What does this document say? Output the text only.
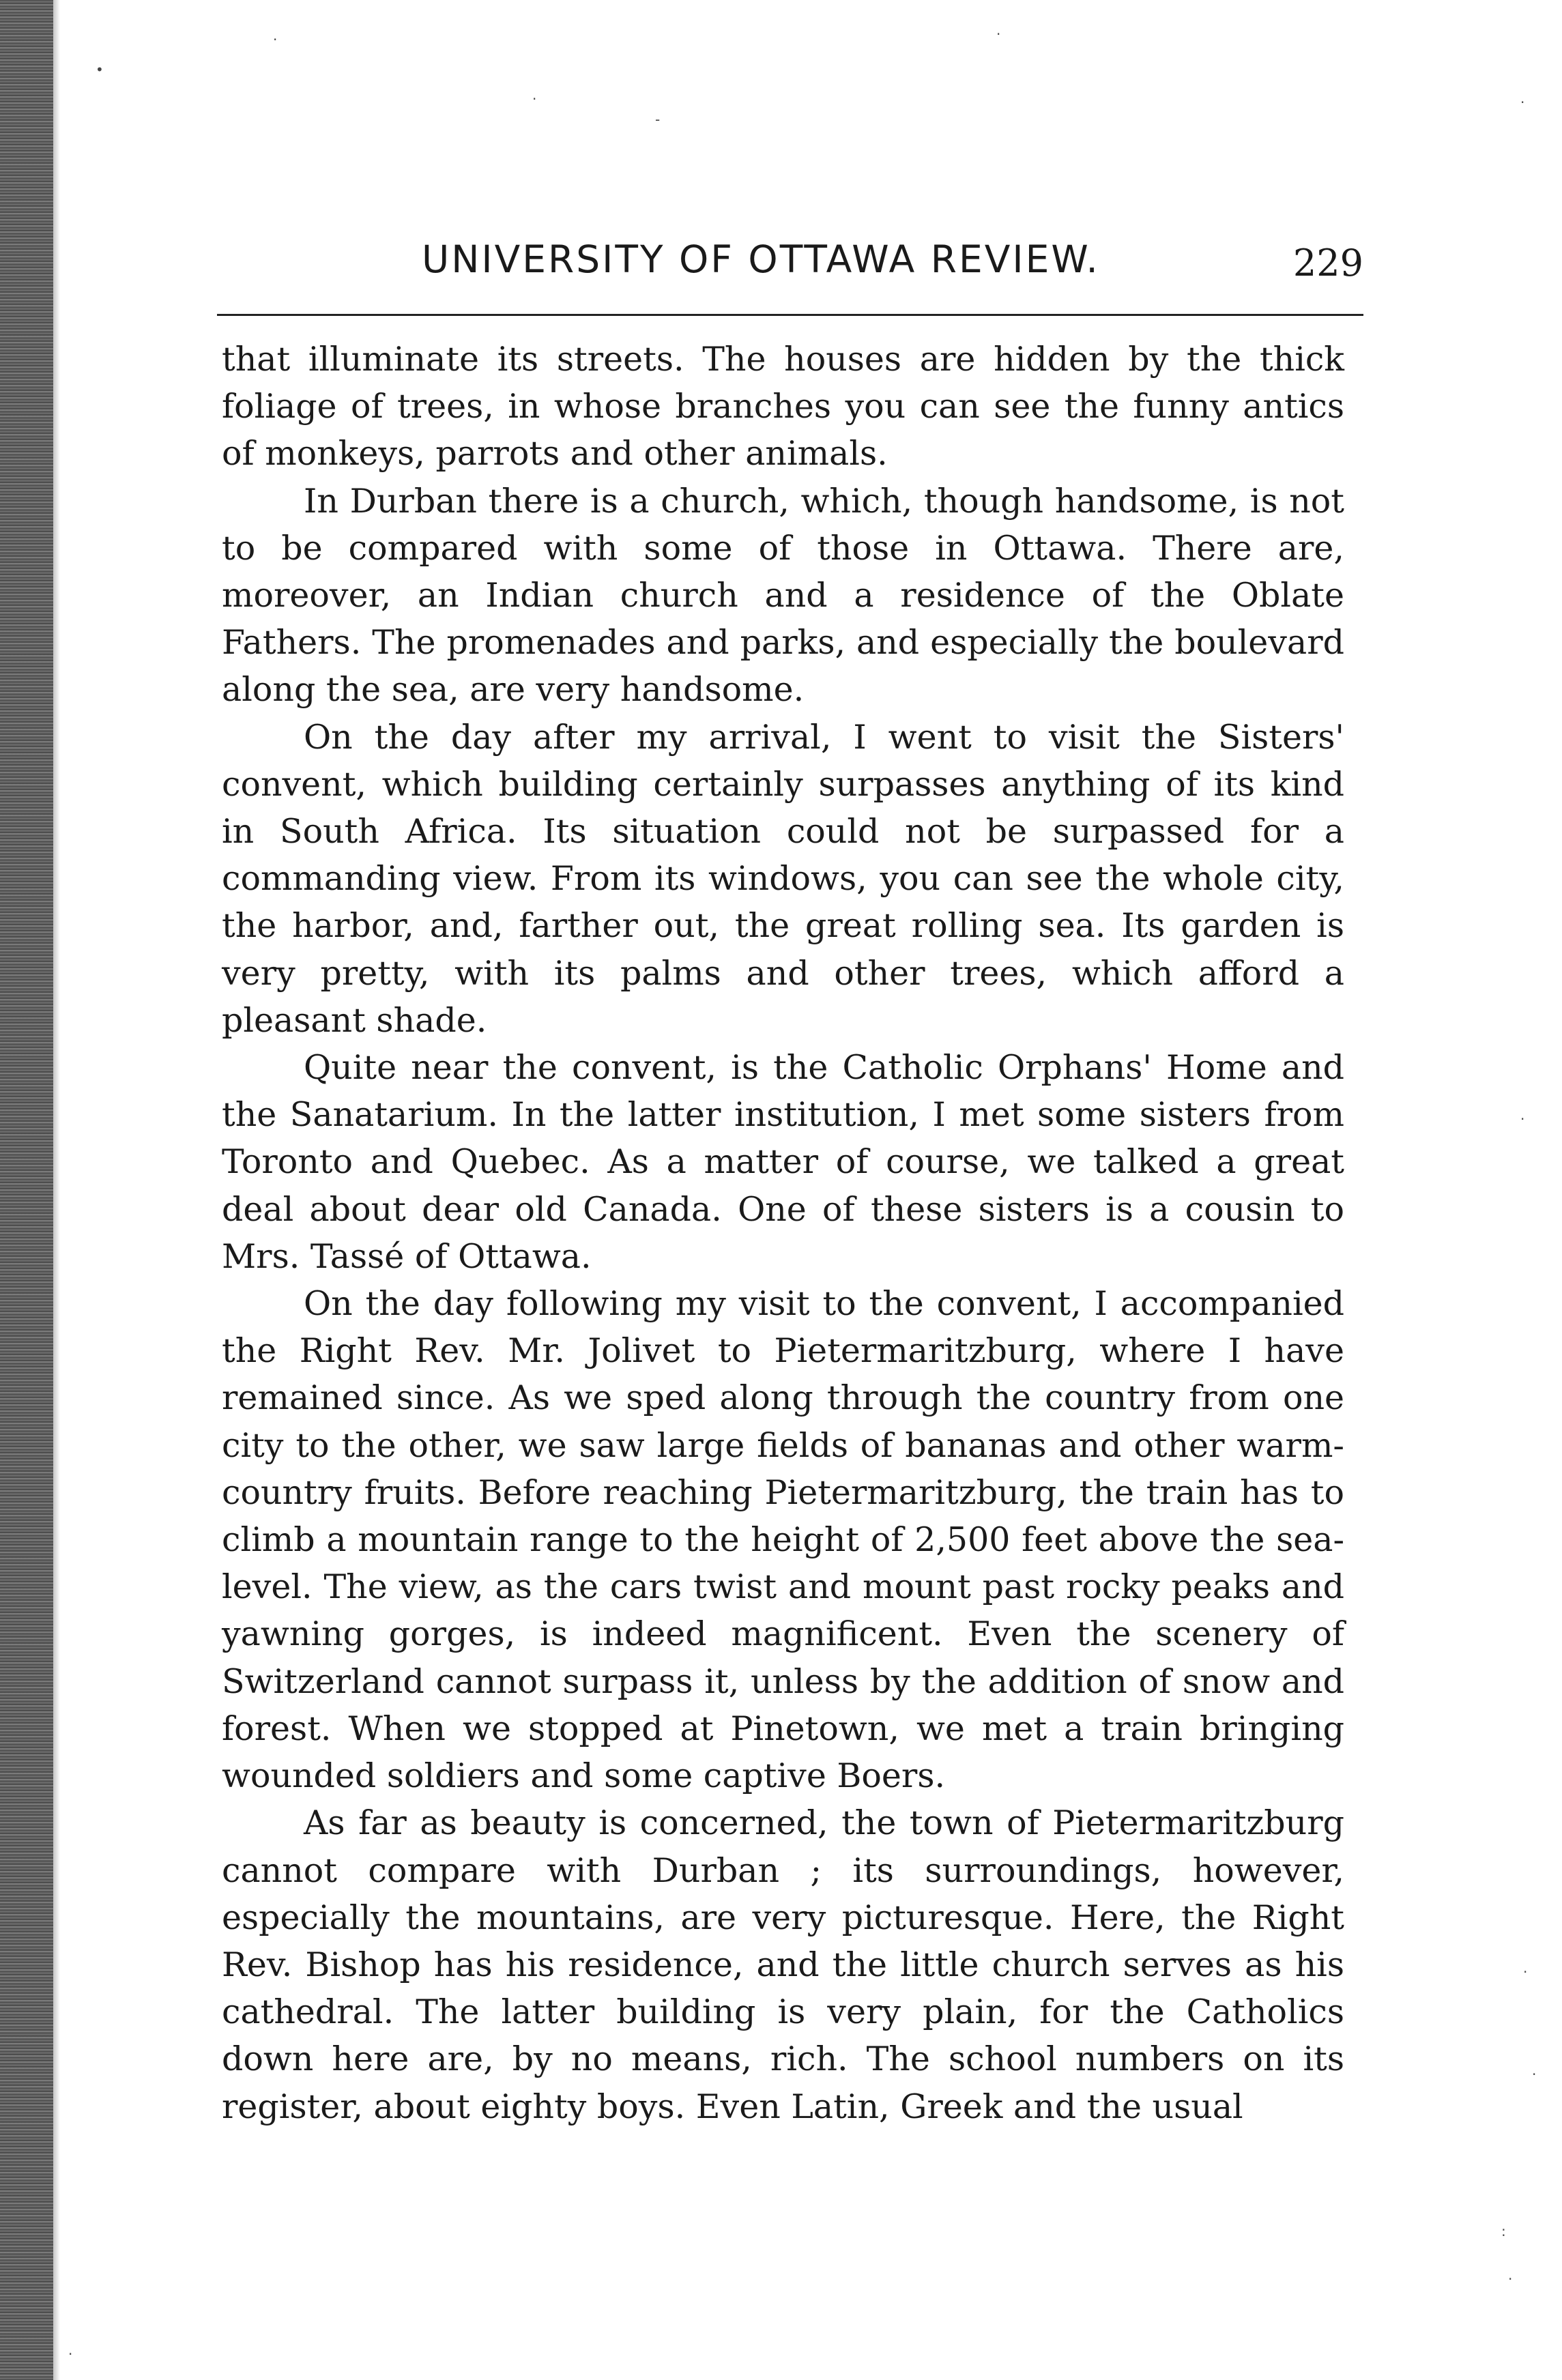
•
·
·
-
·
·
·
·
·
:
·
·
UNIVERSITY OF OTTAWA REVIEW.	229

that illuminate its streets. The houses are hidden by the thick foliage of trees, in whose branches you can see the funny antics of monkeys, parrots and other animals.

In Durban there is a church, which, though handsome, is not to be compared with some of those in Ottawa. There are, moreover, an Indian church and a residence of the Oblate Fathers. The promenades and parks, and especially the boulevard along the sea, are very handsome.

On the day after my arrival, I went to visit the Sisters' convent, which building certainly surpasses anything of its kind in South Africa. Its situation could not be surpassed for a commanding view. From its windows, you can see the whole city, the harbor, and, farther out, the great rolling sea. Its garden is very pretty, with its palms and other trees, which afford a pleasant shade.

Quite near the convent, is the Catholic Orphans' Home and the Sanatarium. In the latter institution, I met some sisters from Toronto and Quebec. As a matter of course, we talked a great deal about dear old Canada. One of these sisters is a cousin to Mrs. Tassé of Ottawa.

On the day following my visit to the convent, I accompanied the Right Rev. Mr. Jolivet to Pietermaritzburg, where I have remained since. As we sped along through the country from one city to the other, we saw large fields of bananas and other warm-country fruits. Before reaching Pietermaritzburg, the train has to climb a mountain range to the height of 2,500 feet above the sea-level. The view, as the cars twist and mount past rocky peaks and yawning gorges, is indeed magnificent. Even the scenery of Switzerland cannot surpass it, unless by the addition of snow and forest. When we stopped at Pinetown, we met a train bringing wounded soldiers and some captive Boers.

As far as beauty is concerned, the town of Pietermaritzburg cannot compare with Durban ; its surroundings, however, especially the mountains, are very picturesque. Here, the Right Rev. Bishop has his residence, and the little church serves as his cathedral. The latter building is very plain, for the Catholics down here are, by no means, rich. The school numbers on its register, about eighty boys. Even Latin, Greek and the usual
